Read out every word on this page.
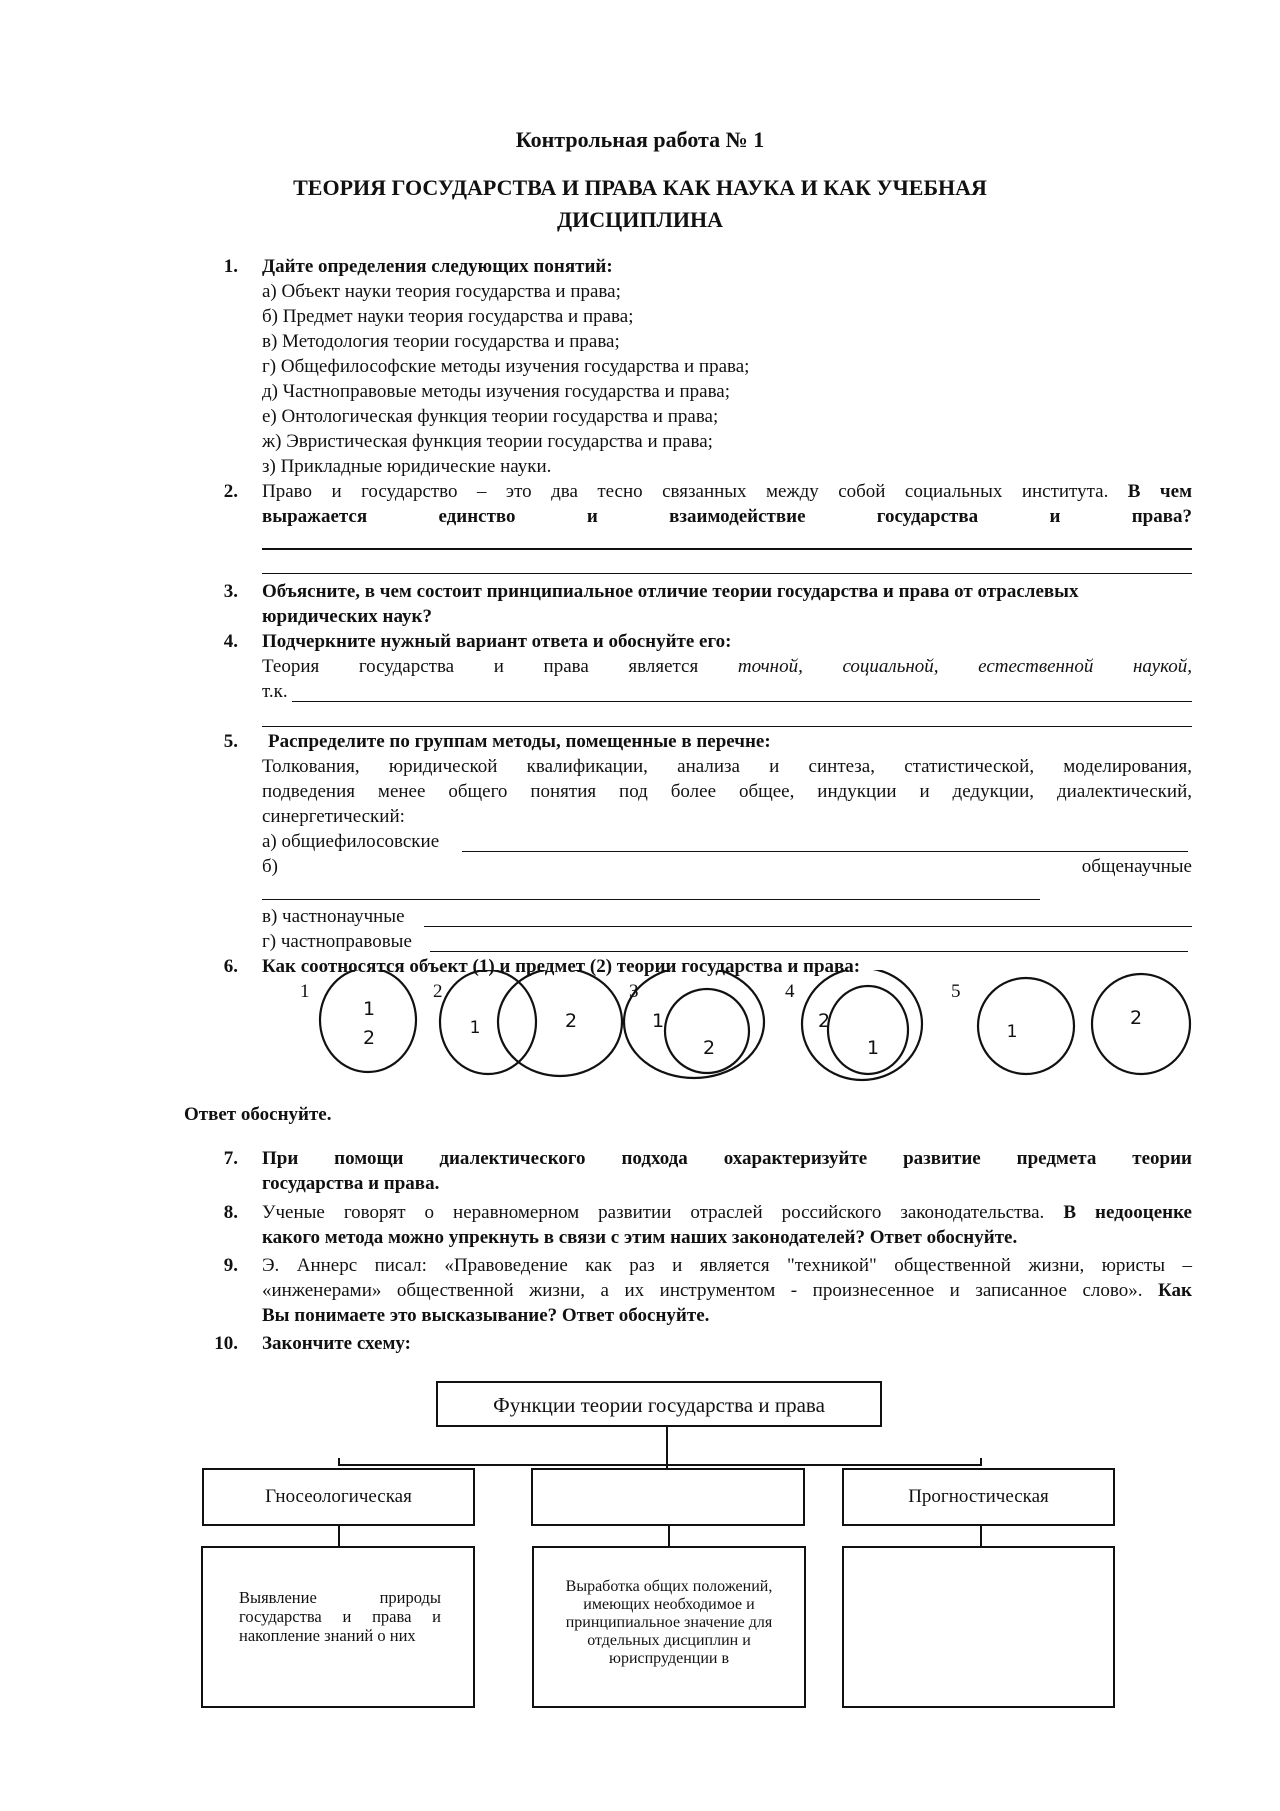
Контрольная работа № 1
ТЕОРИЯ ГОСУДАРСТВА И ПРАВА КАК НАУКА И КАК УЧЕБНАЯ
ДИСЦИПЛИНА
1. Дайте определения следующих понятий:
а) Объект науки теория государства и права;
б) Предмет науки теория государства и права;
в) Методология теории государства и права;
г) Общефилософские методы изучения государства и права;
д) Частноправовые методы изучения государства и права;
е) Онтологическая функция теории государства и права;
ж) Эвристическая функция теории государства и права;
з) Прикладные юридические науки.
2. Право и государство – это два тесно связанных между собой социальных института. В чем
выражается единство и взаимодействие государства и права?
3. Объясните, в чем состоит принципиальное отличие теории государства и права от отраслевых
юридических наук?
4. Подчеркните нужный вариант ответа и обоснуйте его:
Теория государства и права является точной, социальной, естественной наукой,
т.к.
5. Распределите по группам методы, помещенные в перечне:
Толкования, юридической квалификации, анализа и синтеза, статистической, моделирования,
подведения менее общего понятия под более общее, индукции и дедукции, диалектический,
синергетический:
а) общиефилосовские
б)	общенаучные
в) частнонаучные
г) частноправовые
6. Как соотносятся объект (1) и предмет (2) теории государства и права:
1	2	3	4	5
1
2	1	2	1
2
2
1
1
2
Ответ обоснуйте.
7. При помощи диалектического подхода охарактеризуйте развитие предмета теории
государства и права.
8. Ученые говорят о неравномерном развитии отраслей российского законодательства. В недооценке
какого метода можно упрекнуть в связи с этим наших законодателей? Ответ обоснуйте.
9. Э. Аннерс писал: «Правоведение как раз и является "техникой" общественной жизни, юристы –
«инженерами» общественной жизни, а их инструментом - произнесенное и записанное слово». Как
Вы понимаете это высказывание? Ответ обоснуйте.
10. Закончите схему:
Функции теории государства и права
Гносеологическая	Прогностическая
Выявление природы государства и права и накопление знаний о них
Выработка общих положений, имеющих необходимое и принципиальное значение для отдельных дисциплин и юриспруденции в
